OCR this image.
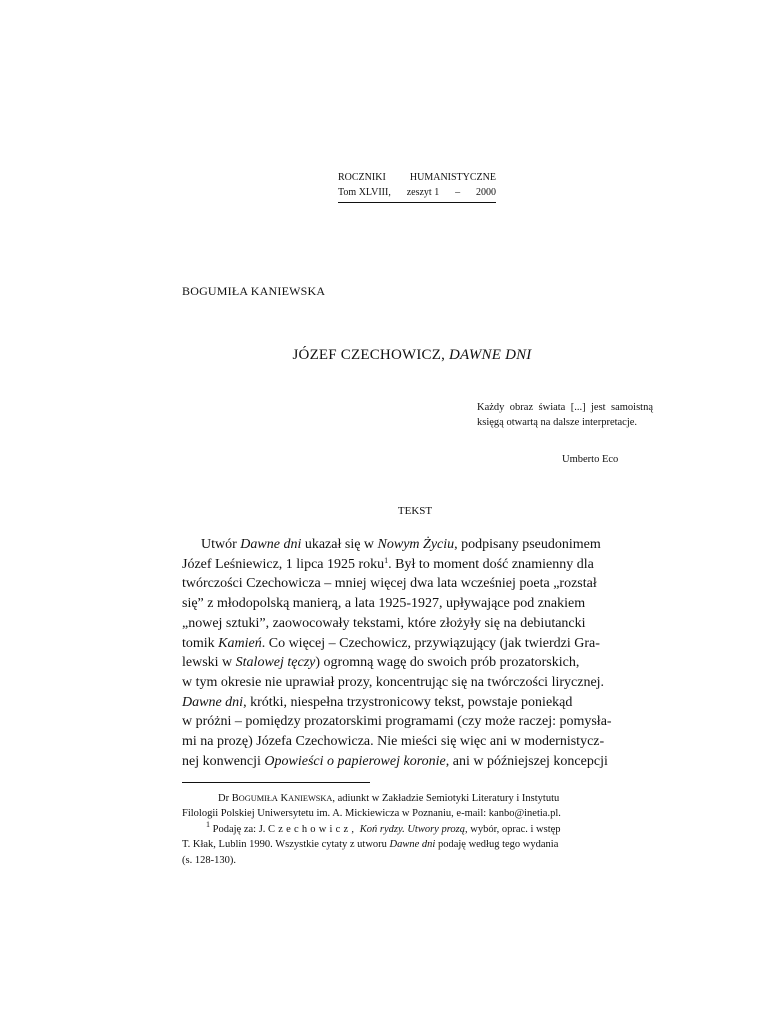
ROCZNIKI HUMANISTYCZNE
Tom XLVIII, zeszyt 1 – 2000
BOGUMIŁA KANIEWSKA
JÓZEF CZECHOWICZ, DAWNE DNI
Każdy obraz świata [...] jest samoistną księgą otwartą na dalsze interpretacje.
Umberto Eco
TEKST
Utwór Dawne dni ukazał się w Nowym Życiu, podpisany pseudonimem
Józef Leśniewicz, 1 lipca 1925 roku$^1$. Był to moment dość znamienny dla
twórczości Czechowicza – mniej więcej dwa lata wcześniej poeta „rozstał
się” z młodopolską manierą, a lata 1925-1927, upływające pod znakiem
„nowej sztuki”, zaowocowały tekstami, które złożyły się na debiutancki
tomik Kamień. Co więcej – Czechowicz, przywiązujący (jak twierdzi Gra-
lewski w Stalowej tęczy) ogromną wagę do swoich prób prozatorskich,
w tym okresie nie uprawiał prozy, koncentrując się na twórczości lirycznej.
Dawne dni, krótki, niespełna trzystronicowy tekst, powstaje poniekąd
w próżni – pomiędzy prozatorskimi programami (czy może raczej: pomysła-
mi na prozę) Józefa Czechowicza. Nie mieści się więc ani w modernistycz-
nej konwencji Opowieści o papierowej koronie, ani w późniejszej koncepcji
Dr BOGUMIŁA KANIEWSKA, adiunkt w Zakładzie Semiotyki Literatury i Instytutu
Filologii Polskiej Uniwersytetu im. A. Mickiewicza w Poznaniu, e-mail: kanbo@inetia.pl.
$^1$ Podaję za: J. Czechowicz, Koń rydzy. Utwory prozą, wybór, oprac. i wstęp
T. Kłak, Lublin 1990. Wszystkie cytaty z utworu Dawne dni podaję według tego wydania
(s. 128-130).
